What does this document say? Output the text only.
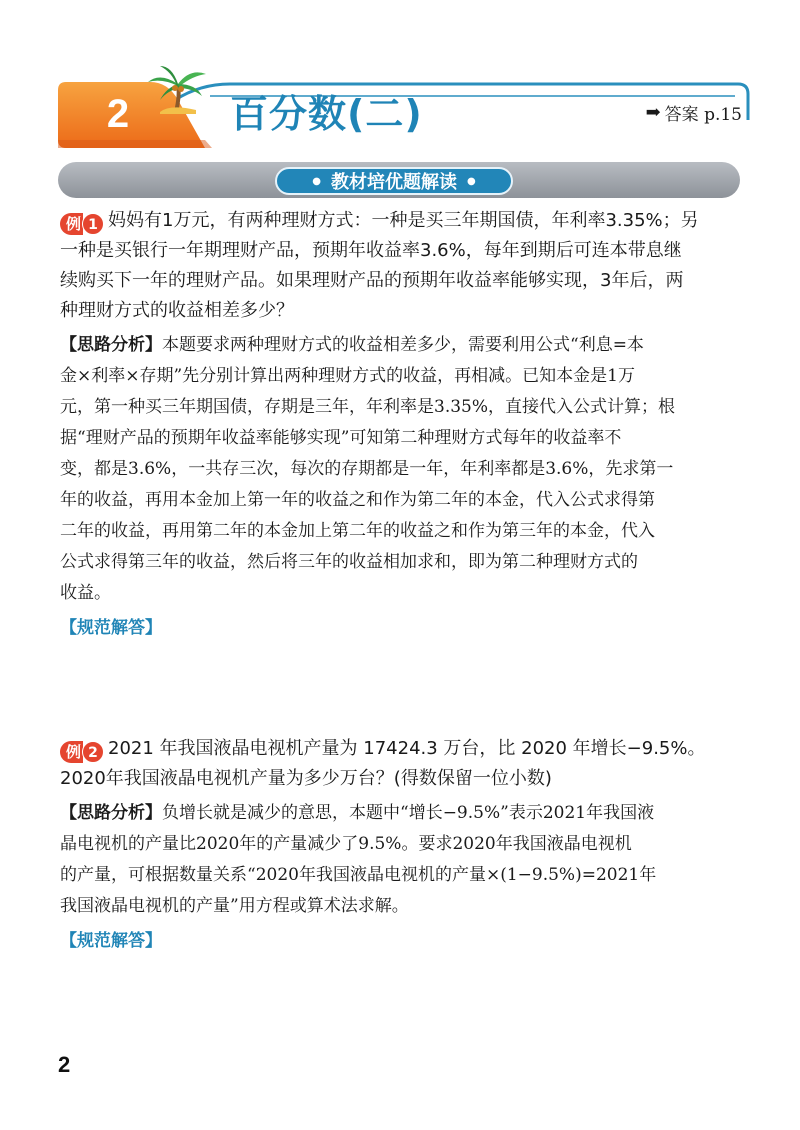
2	百分数(二)	➡ 答案 p.15
● 教材培优题解读 ●
例 1 妈妈有1万元，有两种理财方式：一种是买三年期国债，年利率3.35%；另
一种是买银行一年期理财产品，预期年收益率3.6%，每年到期后可连本带息继
续购买下一年的理财产品。如果理财产品的预期年收益率能够实现，3年后，两
种理财方式的收益相差多少？
【思路分析】本题要求两种理财方式的收益相差多少，需要利用公式“利息=本
金×利率×存期”先分别计算出两种理财方式的收益，再相减。已知本金是1万
元，第一种买三年期国债，存期是三年，年利率是3.35%，直接代入公式计算；根
据“理财产品的预期年收益率能够实现”可知第二种理财方式每年的收益率不
变，都是3.6%，一共存三次，每次的存期都是一年，年利率都是3.6%，先求第一
年的收益，再用本金加上第一年的收益之和作为第二年的本金，代入公式求得第
二年的收益，再用第二年的本金加上第二年的收益之和作为第三年的本金，代入
公式求得第三年的收益，然后将三年的收益相加求和，即为第二种理财方式的
收益。
【规范解答】
例 2 2021 年我国液晶电视机产量为 17424.3 万台，比 2020 年增长−9.5%。
2020年我国液晶电视机产量为多少万台？(得数保留一位小数)
【思路分析】负增长就是减少的意思，本题中“增长−9.5%”表示2021年我国液
晶电视机的产量比2020年的产量减少了9.5%。要求2020年我国液晶电视机
的产量，可根据数量关系“2020年我国液晶电视机的产量×(1−9.5%)=2021年
我国液晶电视机的产量”用方程或算术法求解。
【规范解答】
2
